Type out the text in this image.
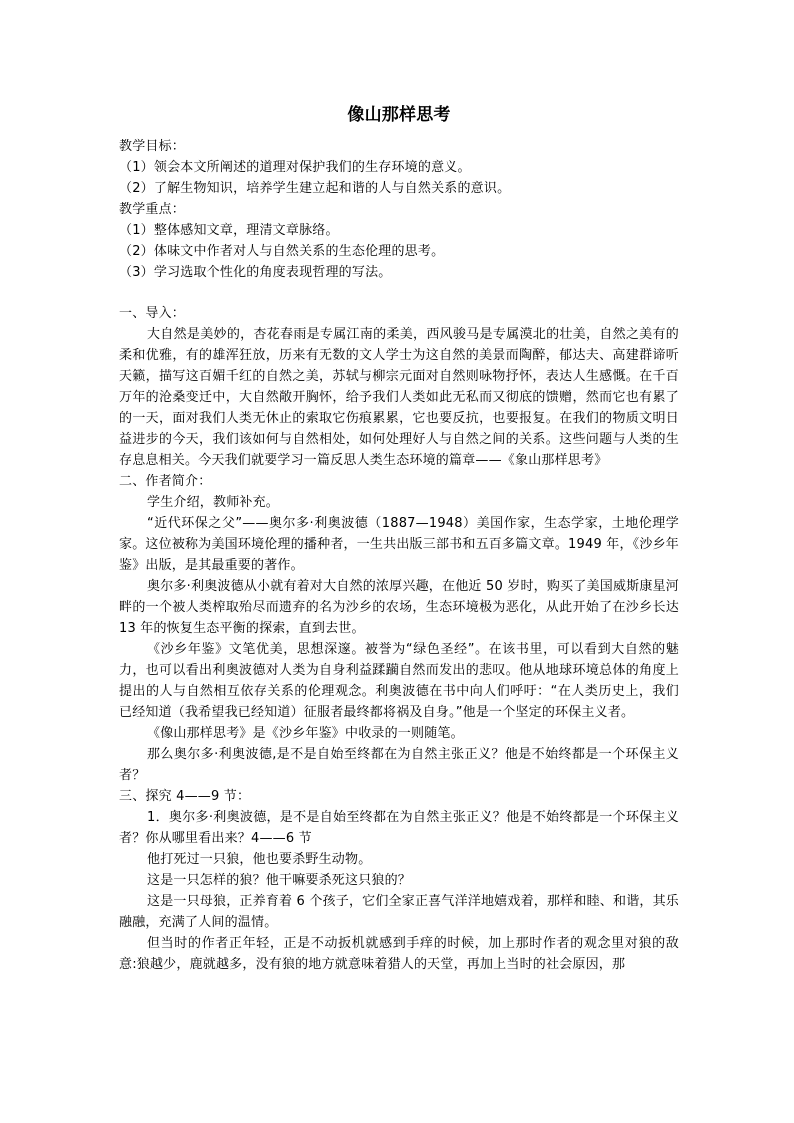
像山那样思考

教学目标：

（1）领会本文所阐述的道理对保护我们的生存环境的意义。

（2）了解生物知识，培养学生建立起和谐的人与自然关系的意识。

教学重点：

（1）整体感知文章，理清文章脉络。

（2）体味文中作者对人与自然关系的生态伦理的思考。

（3）学习选取个性化的角度表现哲理的写法。

一、导入：

大自然是美妙的，杏花春雨是专属江南的柔美，西风骏马是专属漠北的壮美，自然之美有的柔和优雅，有的雄浑狂放，历来有无数的文人学士为这自然的美景而陶醉，郁达夫、高建群谛听天籁，描写这百媚千红的自然之美，苏轼与柳宗元面对自然则咏物抒怀，表达人生感慨。在千百万年的沧桑变迁中，大自然敞开胸怀，给予我们人类如此无私而又彻底的馈赠，然而它也有累了的一天，面对我们人类无休止的索取它伤痕累累，它也要反抗，也要报复。在我们的物质文明日益进步的今天，我们该如何与自然相处，如何处理好人与自然之间的关系。这些问题与人类的生存息息相关。今天我们就要学习一篇反思人类生态环境的篇章——《象山那样思考》

二、作者简介：

学生介绍，教师补充。

“近代环保之父”——奥尔多·利奥波德（1887—1948）美国作家，生态学家，土地伦理学家。这位被称为美国环境伦理的播种者，一生共出版三部书和五百多篇文章。1949 年，《沙乡年鉴》出版，是其最重要的著作。

奥尔多·利奥波德从小就有着对大自然的浓厚兴趣，在他近 50 岁时，购买了美国威斯康星河畔的一个被人类榨取殆尽而遗弃的名为沙乡的农场，生态环境极为恶化，从此开始了在沙乡长达 13 年的恢复生态平衡的探索，直到去世。

《沙乡年鉴》文笔优美，思想深邃。被誉为“绿色圣经”。在该书里，可以看到大自然的魅力，也可以看出利奥波德对人类为自身利益蹂躏自然而发出的悲叹。他从地球环境总体的角度上提出的人与自然相互依存关系的伦理观念。利奥波德在书中向人们呼吁：“在人类历史上，我们已经知道（我希望我已经知道）征服者最终都将祸及自身。”他是一个坚定的环保主义者。

《像山那样思考》是《沙乡年鉴》中收录的一则随笔。

那么奥尔多·利奥波德,是不是自始至终都在为自然主张正义？他是不始终都是一个环保主义者？

三、探究 4——9 节：

1．奥尔多·利奥波德，是不是自始至终都在为自然主张正义？他是不始终都是一个环保主义者？你从哪里看出来？4——6 节

他打死过一只狼，他也要杀野生动物。

这是一只怎样的狼？他干嘛要杀死这只狼的？

这是一只母狼，正养育着 6 个孩子，它们全家正喜气洋洋地嬉戏着，那样和睦、和谐，其乐融融，充满了人间的温情。

但当时的作者正年轻，正是不动扳机就感到手痒的时候，加上那时作者的观念里对狼的敌意:狼越少，鹿就越多，没有狼的地方就意味着猎人的天堂，再加上当时的社会原因，那
